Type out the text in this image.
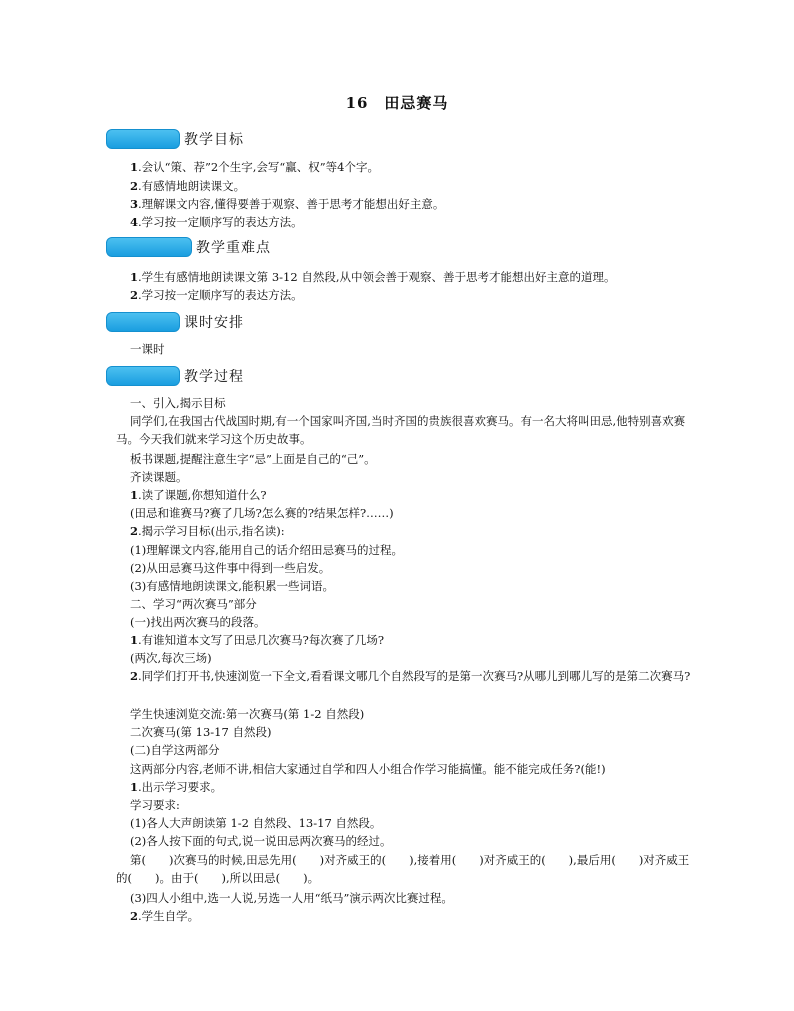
16　田忌赛马
教学目标
1.会认“策、荐”2个生字,会写“赢、权”等4个字。
2.有感情地朗读课文。
3.理解课文内容,懂得要善于观察、善于思考才能想出好主意。
4.学习按一定顺序写的表达方法。
教学重难点
1.学生有感情地朗读课文第 3-12 自然段,从中领会善于观察、善于思考才能想出好主意的道理。
2.学习按一定顺序写的表达方法。
课时安排
一课时
教学过程
一、引入,揭示目标
同学们,在我国古代战国时期,有一个国家叫齐国,当时齐国的贵族很喜欢赛马。有一名大将叫田忌,他特别喜欢赛马。今天我们就来学习这个历史故事。
板书课题,提醒注意生字“忌”上面是自己的“己”。
齐读课题。
1.读了课题,你想知道什么?
(田忌和谁赛马?赛了几场?怎么赛的?结果怎样?……)
2.揭示学习目标(出示,指名读):
(1)理解课文内容,能用自己的话介绍田忌赛马的过程。
(2)从田忌赛马这件事中得到一些启发。
(3)有感情地朗读课文,能积累一些词语。
二、学习“两次赛马”部分
(一)找出两次赛马的段落。
1.有谁知道本文写了田忌几次赛马?每次赛了几场?
(两次,每次三场)
2.同学们打开书,快速浏览一下全文,看看课文哪几个自然段写的是第一次赛马?从哪儿到哪儿写的是第二次赛马?
学生快速浏览交流:第一次赛马(第 1-2 自然段)
二次赛马(第 13-17 自然段)
(二)自学这两部分
这两部分内容,老师不讲,相信大家通过自学和四人小组合作学习能搞懂。能不能完成任务?(能!)
1.出示学习要求。
学习要求:
(1)各人大声朗读第 1-2 自然段、13-17 自然段。
(2)各人按下面的句式,说一说田忌两次赛马的经过。
第(　　)次赛马的时候,田忌先用(　　)对齐威王的(　　),接着用(　　)对齐威王的(　　),最后用(　　)对齐威王的(　　)。由于(　　),所以田忌(　　)。
(3)四人小组中,选一人说,另选一人用“纸马”演示两次比赛过程。
2.学生自学。
